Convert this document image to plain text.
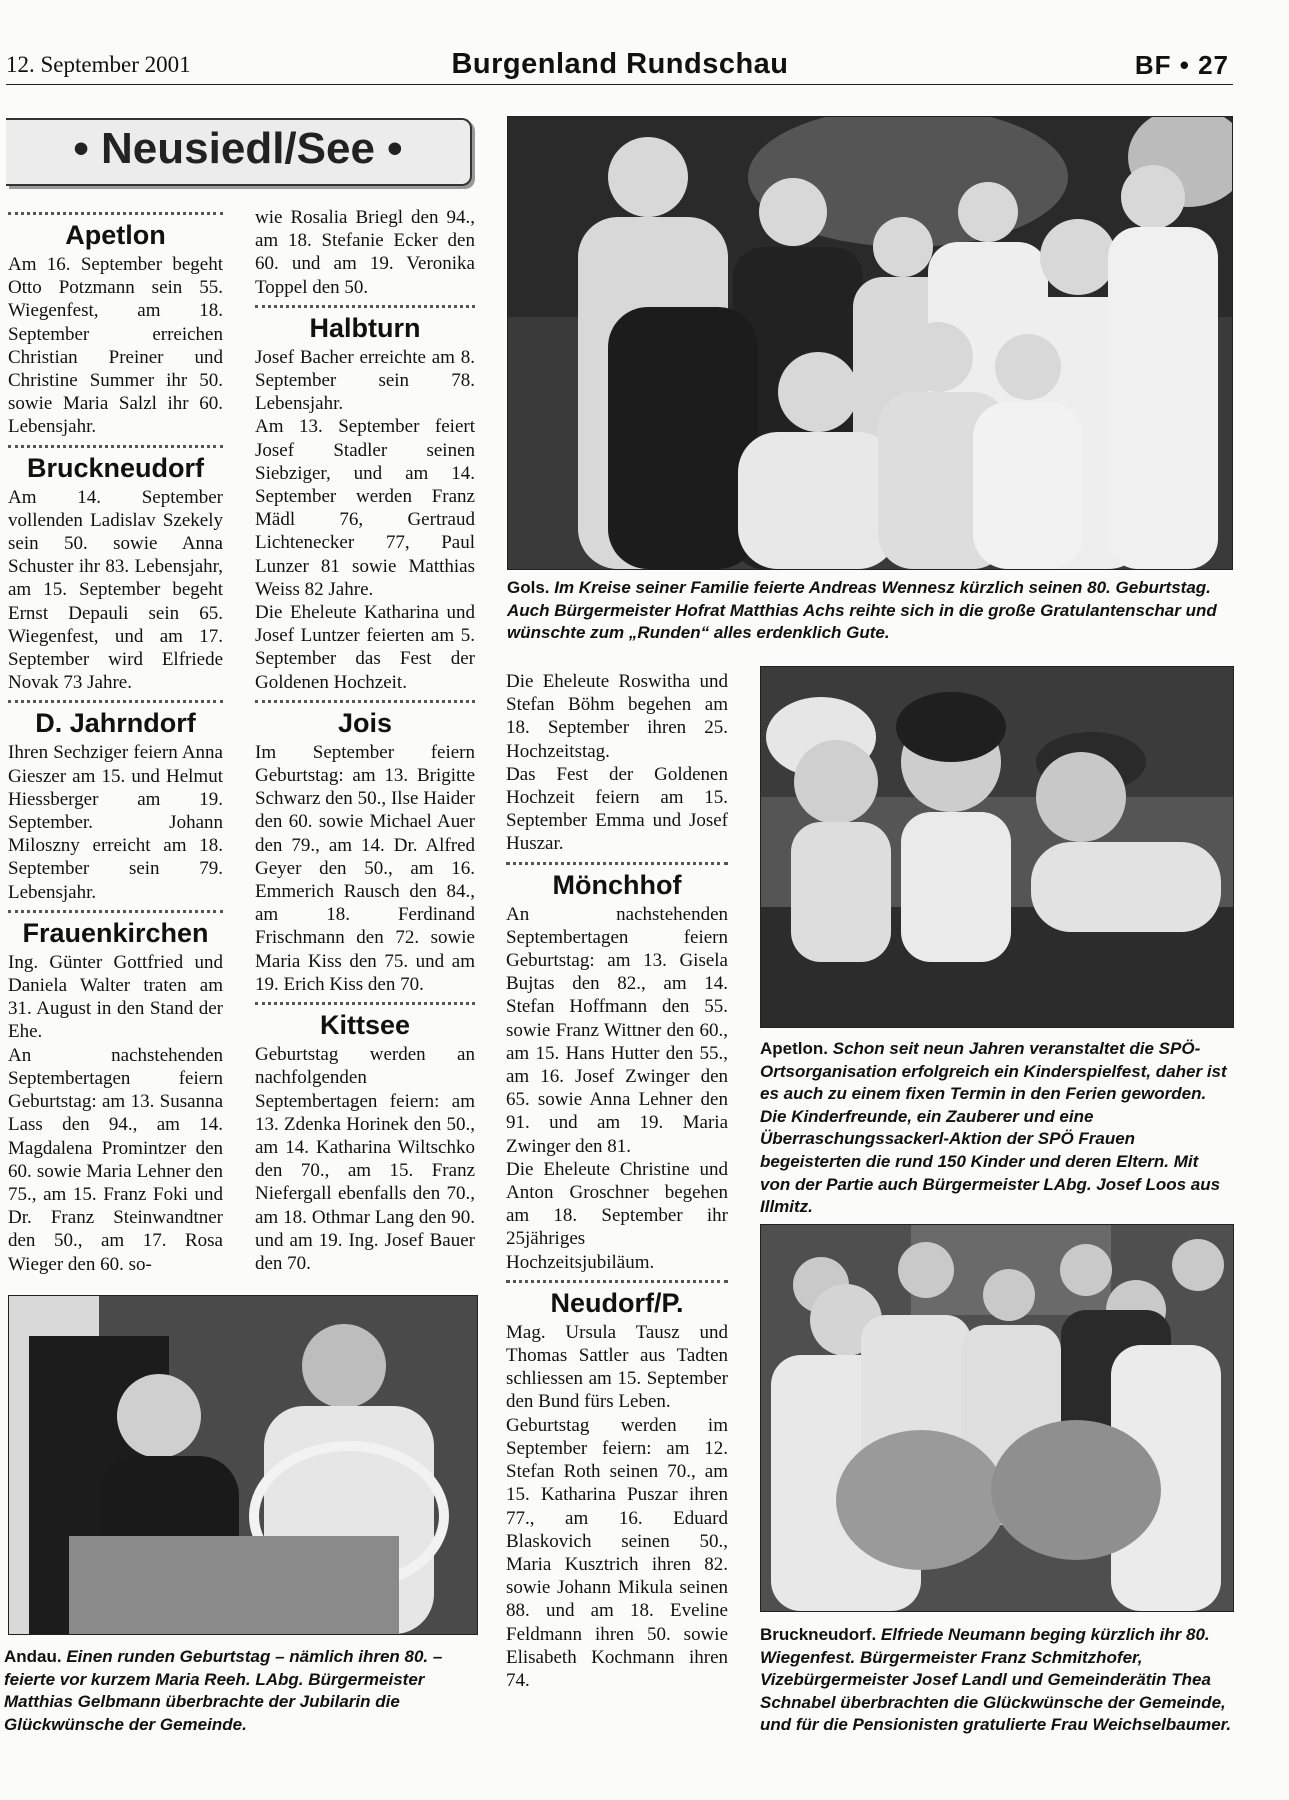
12. September 2001	Burgenland Rundschau	BF • 27
• Neusiedl/See •
Apetlon

Am 16. September begeht Otto Potzmann sein 55. Wiegenfest, am 18. September erreichen Christian Preiner und Christine Summer ihr 50. sowie Maria Salzl ihr 60. Lebensjahr.

Bruckneudorf

Am 14. September vollenden Ladislav Szekely sein 50. sowie Anna Schuster ihr 83. Lebensjahr, am 15. September begeht Ernst Depauli sein 65. Wiegenfest, und am 17. September wird Elfriede Novak 73 Jahre.

D. Jahrndorf

Ihren Sechziger feiern Anna Gieszer am 15. und Helmut Hiessberger am 19. September. Johann Miloszny erreicht am 18. September sein 79. Lebensjahr.

Frauenkirchen

Ing. Günter Gottfried und Daniela Walter traten am 31. August in den Stand der Ehe.

An nachstehenden Septembertagen feiern Geburtstag: am 13. Susanna Lass den 94., am 14. Magdalena Promintzer den 60. sowie Maria Lehner den 75., am 15. Franz Foki und Dr. Franz Steinwandtner den 50., am 17. Rosa Wieger den 60. so-

wie Rosalia Briegl den 94., am 18. Stefanie Ecker den 60. und am 19. Veronika Toppel den 50.

Halbturn

Josef Bacher erreichte am 8. September sein 78. Lebensjahr.

Am 13. September feiert Josef Stadler seinen Siebziger, und am 14. September werden Franz Mädl 76, Gertraud Lichtenecker 77, Paul Lunzer 81 sowie Matthias Weiss 82 Jahre.

Die Eheleute Katharina und Josef Luntzer feierten am 5. September das Fest der Goldenen Hochzeit.

Jois

Im September feiern Geburtstag: am 13. Brigitte Schwarz den 50., Ilse Haider den 60. sowie Michael Auer den 79., am 14. Dr. Alfred Geyer den 50., am 16. Emmerich Rausch den 84., am 18. Ferdinand Frischmann den 72. sowie Maria Kiss den 75. und am 19. Erich Kiss den 70.

Kittsee

Geburtstag werden an nachfolgenden Septembertagen feiern: am 13. Zdenka Horinek den 50., am 14. Katharina Wiltschko den 70., am 15. Franz Niefergall ebenfalls den 70., am 18. Othmar Lang den 90. und am 19. Ing. Josef Bauer den 70.

Die Eheleute Roswitha und Stefan Böhm begehen am 18. September ihren 25. Hochzeitstag.

Das Fest der Goldenen Hochzeit feiern am 15. September Emma und Josef Huszar.

Mönchhof

An nachstehenden Septembertagen feiern Geburtstag: am 13. Gisela Bujtas den 82., am 14. Stefan Hoffmann den 55. sowie Franz Wittner den 60., am 15. Hans Hutter den 55., am 16. Josef Zwinger den 65. sowie Anna Lehner den 91. und am 19. Maria Zwinger den 81.

Die Eheleute Christine und Anton Groschner begehen am 18. September ihr 25jähriges Hochzeitsjubiläum.

Neudorf/P.

Mag. Ursula Tausz und Thomas Sattler aus Tadten schliessen am 15. September den Bund fürs Leben.

Geburtstag werden im September feiern: am 12. Stefan Roth seinen 70., am 15. Katharina Puszar ihren 77., am 16. Eduard Blaskovich seinen 50., Maria Kusztrich ihren 82. sowie Johann Mikula seinen 88. und am 18. Eveline Feldmann ihren 50. sowie Elisabeth Kochmann ihren 74.

Gols. Im Kreise seiner Familie feierte Andreas Wennesz kürzlich seinen 80. Geburtstag. Auch Bürgermeister Hofrat Matthias Achs reihte sich in die große Gratulantenschar und wünschte zum „Runden“ alles erdenklich Gute.
Apetlon. Schon seit neun Jahren veranstaltet die SPÖ-Ortsorganisation erfolgreich ein Kinderspielfest, daher ist es auch zu einem fixen Termin in den Ferien geworden. Die Kinderfreunde, ein Zauberer und eine Überraschungssackerl-Aktion der SPÖ Frauen begeisterten die rund 150 Kinder und deren Eltern. Mit von der Partie auch Bürgermeister LAbg. Josef Loos aus Illmitz.
Andau. Einen runden Geburtstag – nämlich ihren 80. – feierte vor kurzem Maria Reeh. LAbg. Bürgermeister Matthias Gelbmann überbrachte der Jubilarin die Glückwünsche der Gemeinde.
Bruckneudorf. Elfriede Neumann beging kürzlich ihr 80. Wiegenfest. Bürgermeister Franz Schmitzhofer, Vizebürgermeister Josef Landl und Gemeinderätin Thea Schnabel überbrachten die Glückwünsche der Gemeinde, und für die Pensionisten gratulierte Frau Weichselbaumer.
